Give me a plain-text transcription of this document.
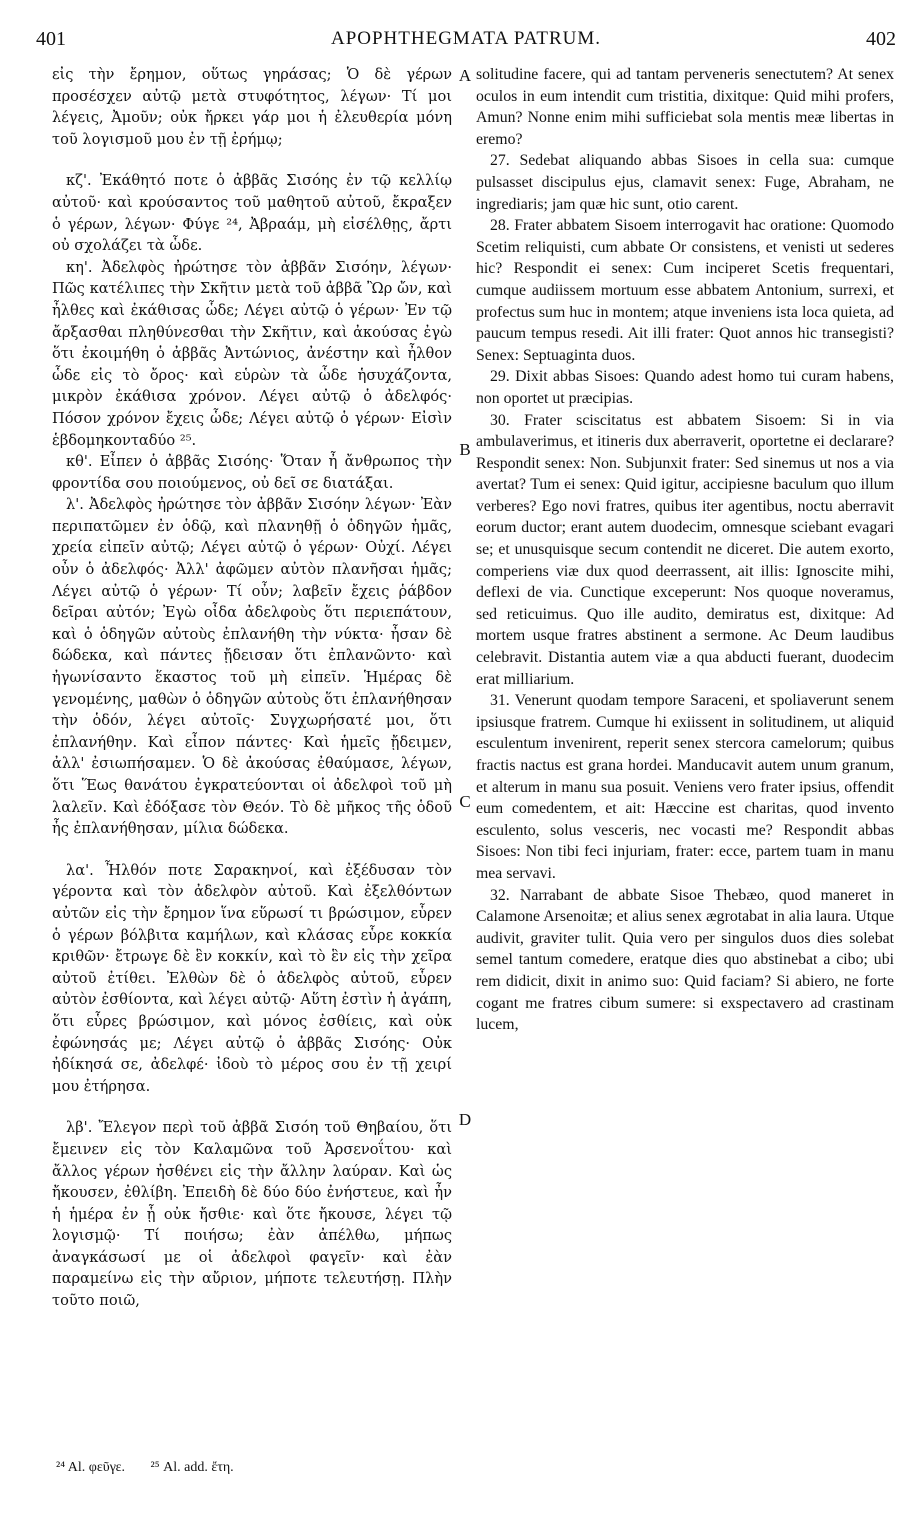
401	APOPHTHEGMATA PATRUM.	402

εἰς τὴν ἔρημον, οὕτως γηράσας; Ὁ δὲ γέρων προσέσχεν αὐτῷ μετὰ στυφότητος, λέγων· Τί μοι λέγεις, Ἀμοῦν; οὐκ ἤρκει γάρ μοι ἡ ἐλευθερία μόνη τοῦ λογισμοῦ μου ἐν τῇ ἐρήμῳ;

κζ'. Ἐκάθητό ποτε ὁ ἀββᾶς Σισόης ἐν τῷ κελλίῳ αὐτοῦ· καὶ κρούσαντος τοῦ μαθητοῦ αὐτοῦ, ἔκραξεν ὁ γέρων, λέγων· Φύγε ²⁴, Ἀβραάμ, μὴ εἰσέλθῃς, ἄρτι οὐ σχολάζει τὰ ὧδε.

κη'. Ἀδελφὸς ἠρώτησε τὸν ἀββᾶν Σισόην, λέγων· Πῶς κατέλιπες τὴν Σκῆτιν μετὰ τοῦ ἀββᾶ Ὢρ ὤν, καὶ ἦλθες καὶ ἐκάθισας ὧδε; Λέγει αὐτῷ ὁ γέρων· Ἐν τῷ ἄρξασθαι πληθύνεσθαι τὴν Σκῆτιν, καὶ ἀκούσας ἐγὼ ὅτι ἐκοιμήθη ὁ ἀββᾶς Ἀντώνιος, ἀνέστην καὶ ἦλθον ὧδε εἰς τὸ ὄρος· καὶ εὑρὼν τὰ ὧδε ἡσυχάζοντα, μικρὸν ἐκάθισα χρόνον. Λέγει αὐτῷ ὁ ἀδελφός· Πόσον χρόνον ἔχεις ὧδε; Λέγει αὐτῷ ὁ γέρων· Εἰσὶν ἑβδομηκονταδύο ²⁵.

κθ'. Εἶπεν ὁ ἀββᾶς Σισόης· Ὅταν ἦ ἄνθρωπος τὴν φροντίδα σου ποιούμενος, οὐ δεῖ σε διατάξαι.

λ'. Ἀδελφὸς ἠρώτησε τὸν ἀββᾶν Σισόην λέγων· Ἐὰν περιπατῶμεν ἐν ὁδῷ, καὶ πλανηθῇ ὁ ὁδηγῶν ἡμᾶς, χρεία εἰπεῖν αὐτῷ; Λέγει αὐτῷ ὁ γέρων· Οὐχί. Λέγει οὖν ὁ ἀδελφός· Ἀλλ' ἀφῶμεν αὐτὸν πλανῆσαι ἡμᾶς; Λέγει αὐτῷ ὁ γέρων· Τί οὖν; λαβεῖν ἔχεις ῥάβδον δεῖραι αὐτόν; Ἐγὼ οἶδα ἀδελφοὺς ὅτι περιεπάτουν, καὶ ὁ ὁδηγῶν αὐτοὺς ἐπλανήθη τὴν νύκτα· ἦσαν δὲ δώδεκα, καὶ πάντες ᾔδεισαν ὅτι ἐπλανῶντο· καὶ ἠγωνίσαντο ἕκαστος τοῦ μὴ εἰπεῖν. Ἡμέρας δὲ γενομένης, μαθὼν ὁ ὁδηγῶν αὐτοὺς ὅτι ἐπλανήθησαν τὴν ὁδόν, λέγει αὐτοῖς· Συγχωρήσατέ μοι, ὅτι ἐπλανήθην. Καὶ εἶπον πάντες· Καὶ ἡμεῖς ᾔδειμεν, ἀλλ' ἐσιωπήσαμεν. Ὁ δὲ ἀκούσας ἐθαύμασε, λέγων, ὅτι Ἕως θανάτου ἐγκρατεύονται οἱ ἀδελφοὶ τοῦ μὴ λαλεῖν. Καὶ ἐδόξασε τὸν Θεόν. Τὸ δὲ μῆκος τῆς ὁδοῦ ἧς ἐπλανήθησαν, μίλια δώδεκα.

λα'. Ἦλθόν ποτε Σαρακηνοί, καὶ ἐξέδυσαν τὸν γέροντα καὶ τὸν ἀδελφὸν αὐτοῦ. Καὶ ἐξελθόντων αὐτῶν εἰς τὴν ἔρημον ἵνα εὕρωσί τι βρώσιμον, εὗρεν ὁ γέρων βόλβιτα καμήλων, καὶ κλάσας εὗρε κοκκία κριθῶν· ἔτρωγε δὲ ἓν κοκκίν, καὶ τὸ ἓν εἰς τὴν χεῖρα αὐτοῦ ἐτίθει. Ἐλθὼν δὲ ὁ ἀδελφὸς αὐτοῦ, εὗρεν αὐτὸν ἐσθίοντα, καὶ λέγει αὐτῷ· Αὕτη ἐστὶν ἡ ἀγάπη, ὅτι εὗρες βρώσιμον, καὶ μόνος ἐσθίεις, καὶ οὐκ ἐφώνησάς με; Λέγει αὐτῷ ὁ ἀββᾶς Σισόης· Οὐκ ἠδίκησά σε, ἀδελφέ· ἰδοὺ τὸ μέρος σου ἐν τῇ χειρί μου ἐτήρησα.

λβ'. Ἔλεγον περὶ τοῦ ἀββᾶ Σισόη τοῦ Θηβαίου, ὅτι ἔμεινεν εἰς τὸν Καλαμῶνα τοῦ Ἀρσενοΐτου· καὶ ἄλλος γέρων ἠσθένει εἰς τὴν ἄλλην λαύραν. Καὶ ὡς ἤκουσεν, ἐθλίβη. Ἐπειδὴ δὲ δύο δύο ἐνήστευε, καὶ ἦν ἡ ἡμέρα ἐν ᾗ οὐκ ἤσθιε· καὶ ὅτε ἤκουσε, λέγει τῷ λογισμῷ· Τί ποιήσω; ἐὰν ἀπέλθω, μήπως ἀναγκάσωσί με οἱ ἀδελφοὶ φαγεῖν· καὶ ἐὰν παραμείνω εἰς τὴν αὔριον, μήποτε τελευτήσῃ. Πλὴν τοῦτο ποιῶ,

A
B
C
D

solitudine facere, qui ad tantam perveneris senectutem? At senex oculos in eum intendit cum tristitia, dixitque: Quid mihi profers, Amun? Nonne enim mihi sufficiebat sola mentis meæ libertas in eremo?

27. Sedebat aliquando abbas Sisoes in cella sua: cumque pulsasset discipulus ejus, clamavit senex: Fuge, Abraham, ne ingrediaris; jam quæ hic sunt, otio carent.

28. Frater abbatem Sisoem interrogavit hac oratione: Quomodo Scetim reliquisti, cum abbate Or consistens, et venisti ut sederes hic? Respondit ei senex: Cum inciperet Scetis frequentari, cumque audiissem mortuum esse abbatem Antonium, surrexi, et profectus sum huc in montem; atque inveniens ista loca quieta, ad paucum tempus resedi. Ait illi frater: Quot annos hic transegisti? Senex: Septuaginta duos.

29. Dixit abbas Sisoes: Quando adest homo tui curam habens, non oportet ut præcipias.

30. Frater sciscitatus est abbatem Sisoem: Si in via ambulaverimus, et itineris dux aberraverit, oportetne ei declarare? Respondit senex: Non. Subjunxit frater: Sed sinemus ut nos a via avertat? Tum ei senex: Quid igitur, accipiesne baculum quo illum verberes? Ego novi fratres, quibus iter agentibus, noctu aberravit eorum ductor; erant autem duodecim, omnesque sciebant evagari se; et unusquisque secum contendit ne diceret. Die autem exorto, comperiens viæ dux quod deerrassent, ait illis: Ignoscite mihi, deflexi de via. Cunctique exceperunt: Nos quoque noveramus, sed reticuimus. Quo ille audito, demiratus est, dixitque: Ad mortem usque fratres abstinent a sermone. Ac Deum laudibus celebravit. Distantia autem viæ a qua abducti fuerant, duodecim erat milliarium.

31. Venerunt quodam tempore Saraceni, et spoliaverunt senem ipsiusque fratrem. Cumque hi exiissent in solitudinem, ut aliquid esculentum invenirent, reperit senex stercora camelorum; quibus fractis nactus est grana hordei. Manducavit autem unum granum, et alterum in manu sua posuit. Veniens vero frater ipsius, offendit eum comedentem, et ait: Hæccine est charitas, quod invento esculento, solus vesceris, nec vocasti me? Respondit abbas Sisoes: Non tibi feci injuriam, frater: ecce, partem tuam in manu mea servavi.

32. Narrabant de abbate Sisoe Thebæo, quod maneret in Calamone Arsenoitæ; et alius senex ægrotabat in alia laura. Utque audivit, graviter tulit. Quia vero per singulos duos dies solebat semel tantum comedere, eratque dies quo abstinebat a cibo; ubi rem didicit, dixit in animo suo: Quid faciam? Si abiero, ne forte cogant me fratres cibum sumere: si exspectavero ad crastinam lucem,

²⁴ Al. φεῦγε. ²⁵ Al. add. ἔτη.
